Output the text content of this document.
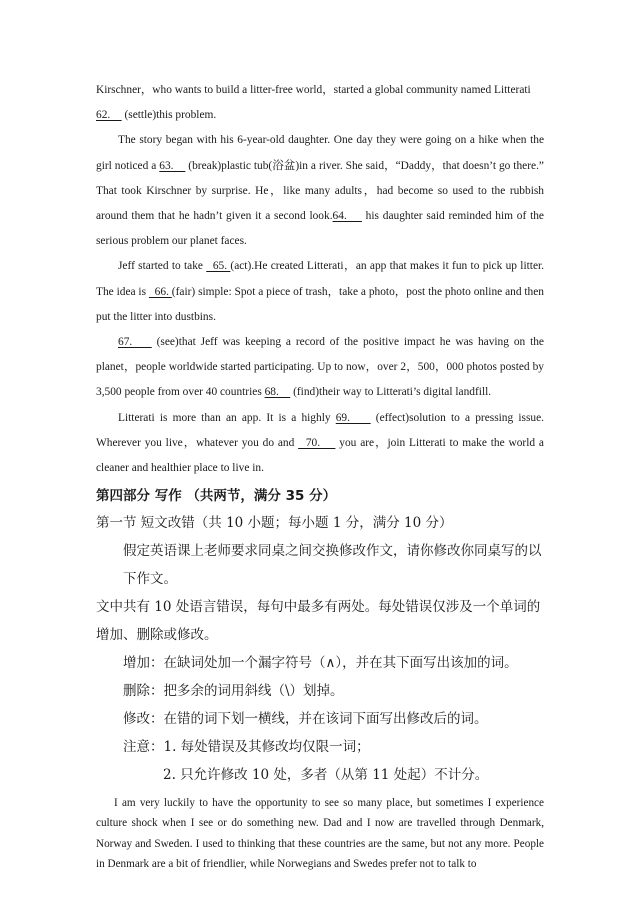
Kirschner，who wants to build a litter-free world，started a global community named Litterati
62.     (settle)this problem.

The story began with his 6-year-old daughter. One day they were going on a hike when the girl noticed a 63.     (break)plastic tub(浴盆)in a river. She said，“Daddy，that doesn’t go there.” That took Kirschner by surprise. He，like many adults，had become so used to the rubbish around them that he hadn’t given it a second look.64.     his daughter said reminded him of the serious problem our planet faces.

Jeff started to take   65. (act).He created Litterati，an app that makes it fun to pick up litter. The idea is   66. (fair) simple: Spot a piece of trash，take a photo，post the photo online and then put the litter into dustbins.

67.     (see)that Jeff was keeping a record of the positive impact he was having on the planet，people worldwide started participating. Up to now，over 2，500，000 photos posted by 3,500 people from over 40 countries 68.     (find)their way to Litterati’s digital landfill.

Litterati is more than an app. It is a highly 69.     (effect)solution to a pressing issue. Wherever you live，whatever you do and   70.     you are，join Litterati to make the world a cleaner and healthier place to live in.

第四部分 写作 （共两节，满分 35 分）
第一节 短文改错（共 10 小题；每小题 1 分，满分 10 分）
假定英语课上老师要求同桌之间交换修改作文，请你修改你同桌写的以下作文。
文中共有 10 处语言错误，每句中最多有两处。每处错误仅涉及一个单词的增加、删除或修改。
增加：在缺词处加一个漏字符号（∧），并在其下面写出该加的词。
删除：把多余的词用斜线（\）划掉。
修改：在错的词下划一横线，并在该词下面写出修改后的词。
注意：1. 每处错误及其修改均仅限一词；
2. 只允许修改 10 处，多者（从第 11 处起）不计分。

I am very luckily to have the opportunity to see so many place, but sometimes I experience culture shock when I see or do something new. Dad and I now are travelled through Denmark, Norway and Sweden. I used to thinking that these countries are the same, but not any more. People in Denmark are a bit of friendlier, while Norwegians and Swedes prefer not to talk to
